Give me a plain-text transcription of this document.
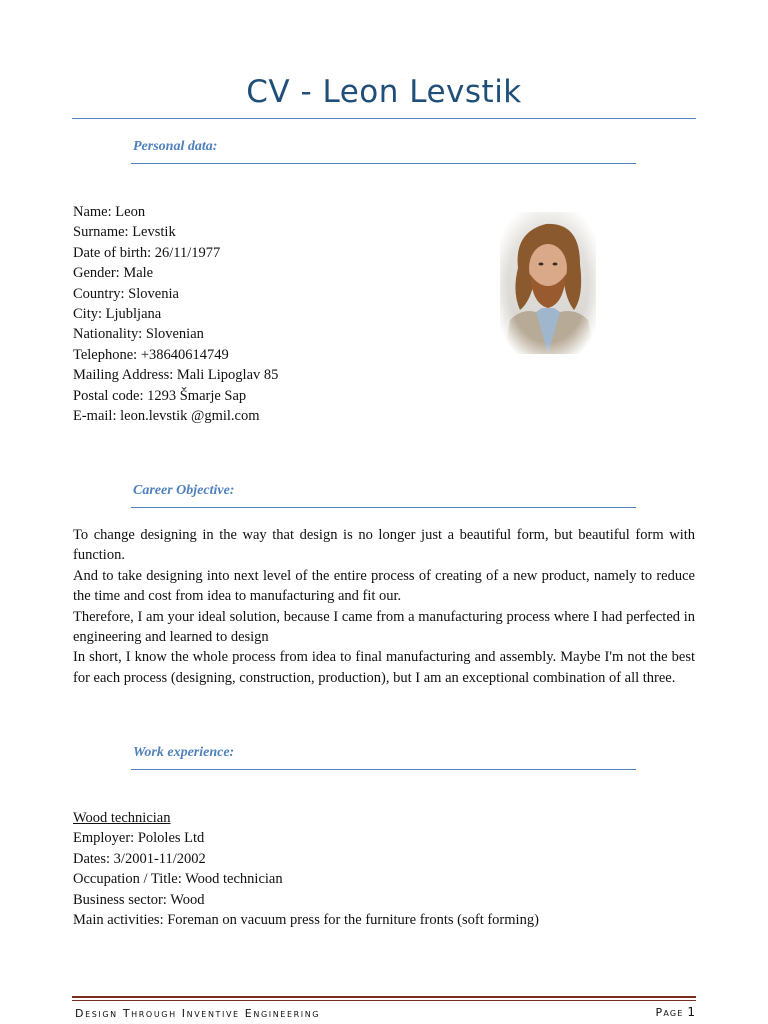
CV - Leon Levstik
Personal data:
Name: Leon
Surname: Levstik
Date of birth: 26/11/1977
Gender: Male
Country: Slovenia
City: Ljubljana
Nationality: Slovenian
Telephone: +38640614749
Mailing Address: Mali Lipoglav 85
Postal code: 1293 Šmarje Sap
E-mail: leon.levstik @gmil.com
Career Objective:

To change designing in the way that design is no longer just a beautiful form, but beautiful form with function.

And to take designing into next level of the entire process of creating of a new product, namely to reduce the time and cost from idea to manufacturing and fit our.

Therefore, I am your ideal solution, because I came from a manufacturing process where I had perfected in engineering and learned to design

In short, I know the whole process from idea to final manufacturing and assembly. Maybe I'm not the best for each process (designing, construction, production), but I am an exceptional combination of all three.

Work experience:
Wood technician
Employer: Pololes Ltd
Dates: 3/2001-11/2002
Occupation / Title: Wood technician
Business sector: Wood
Main activities: Foreman on vacuum press for the furniture fronts (soft forming)
Design Through Inventive Engineering	Page 1
